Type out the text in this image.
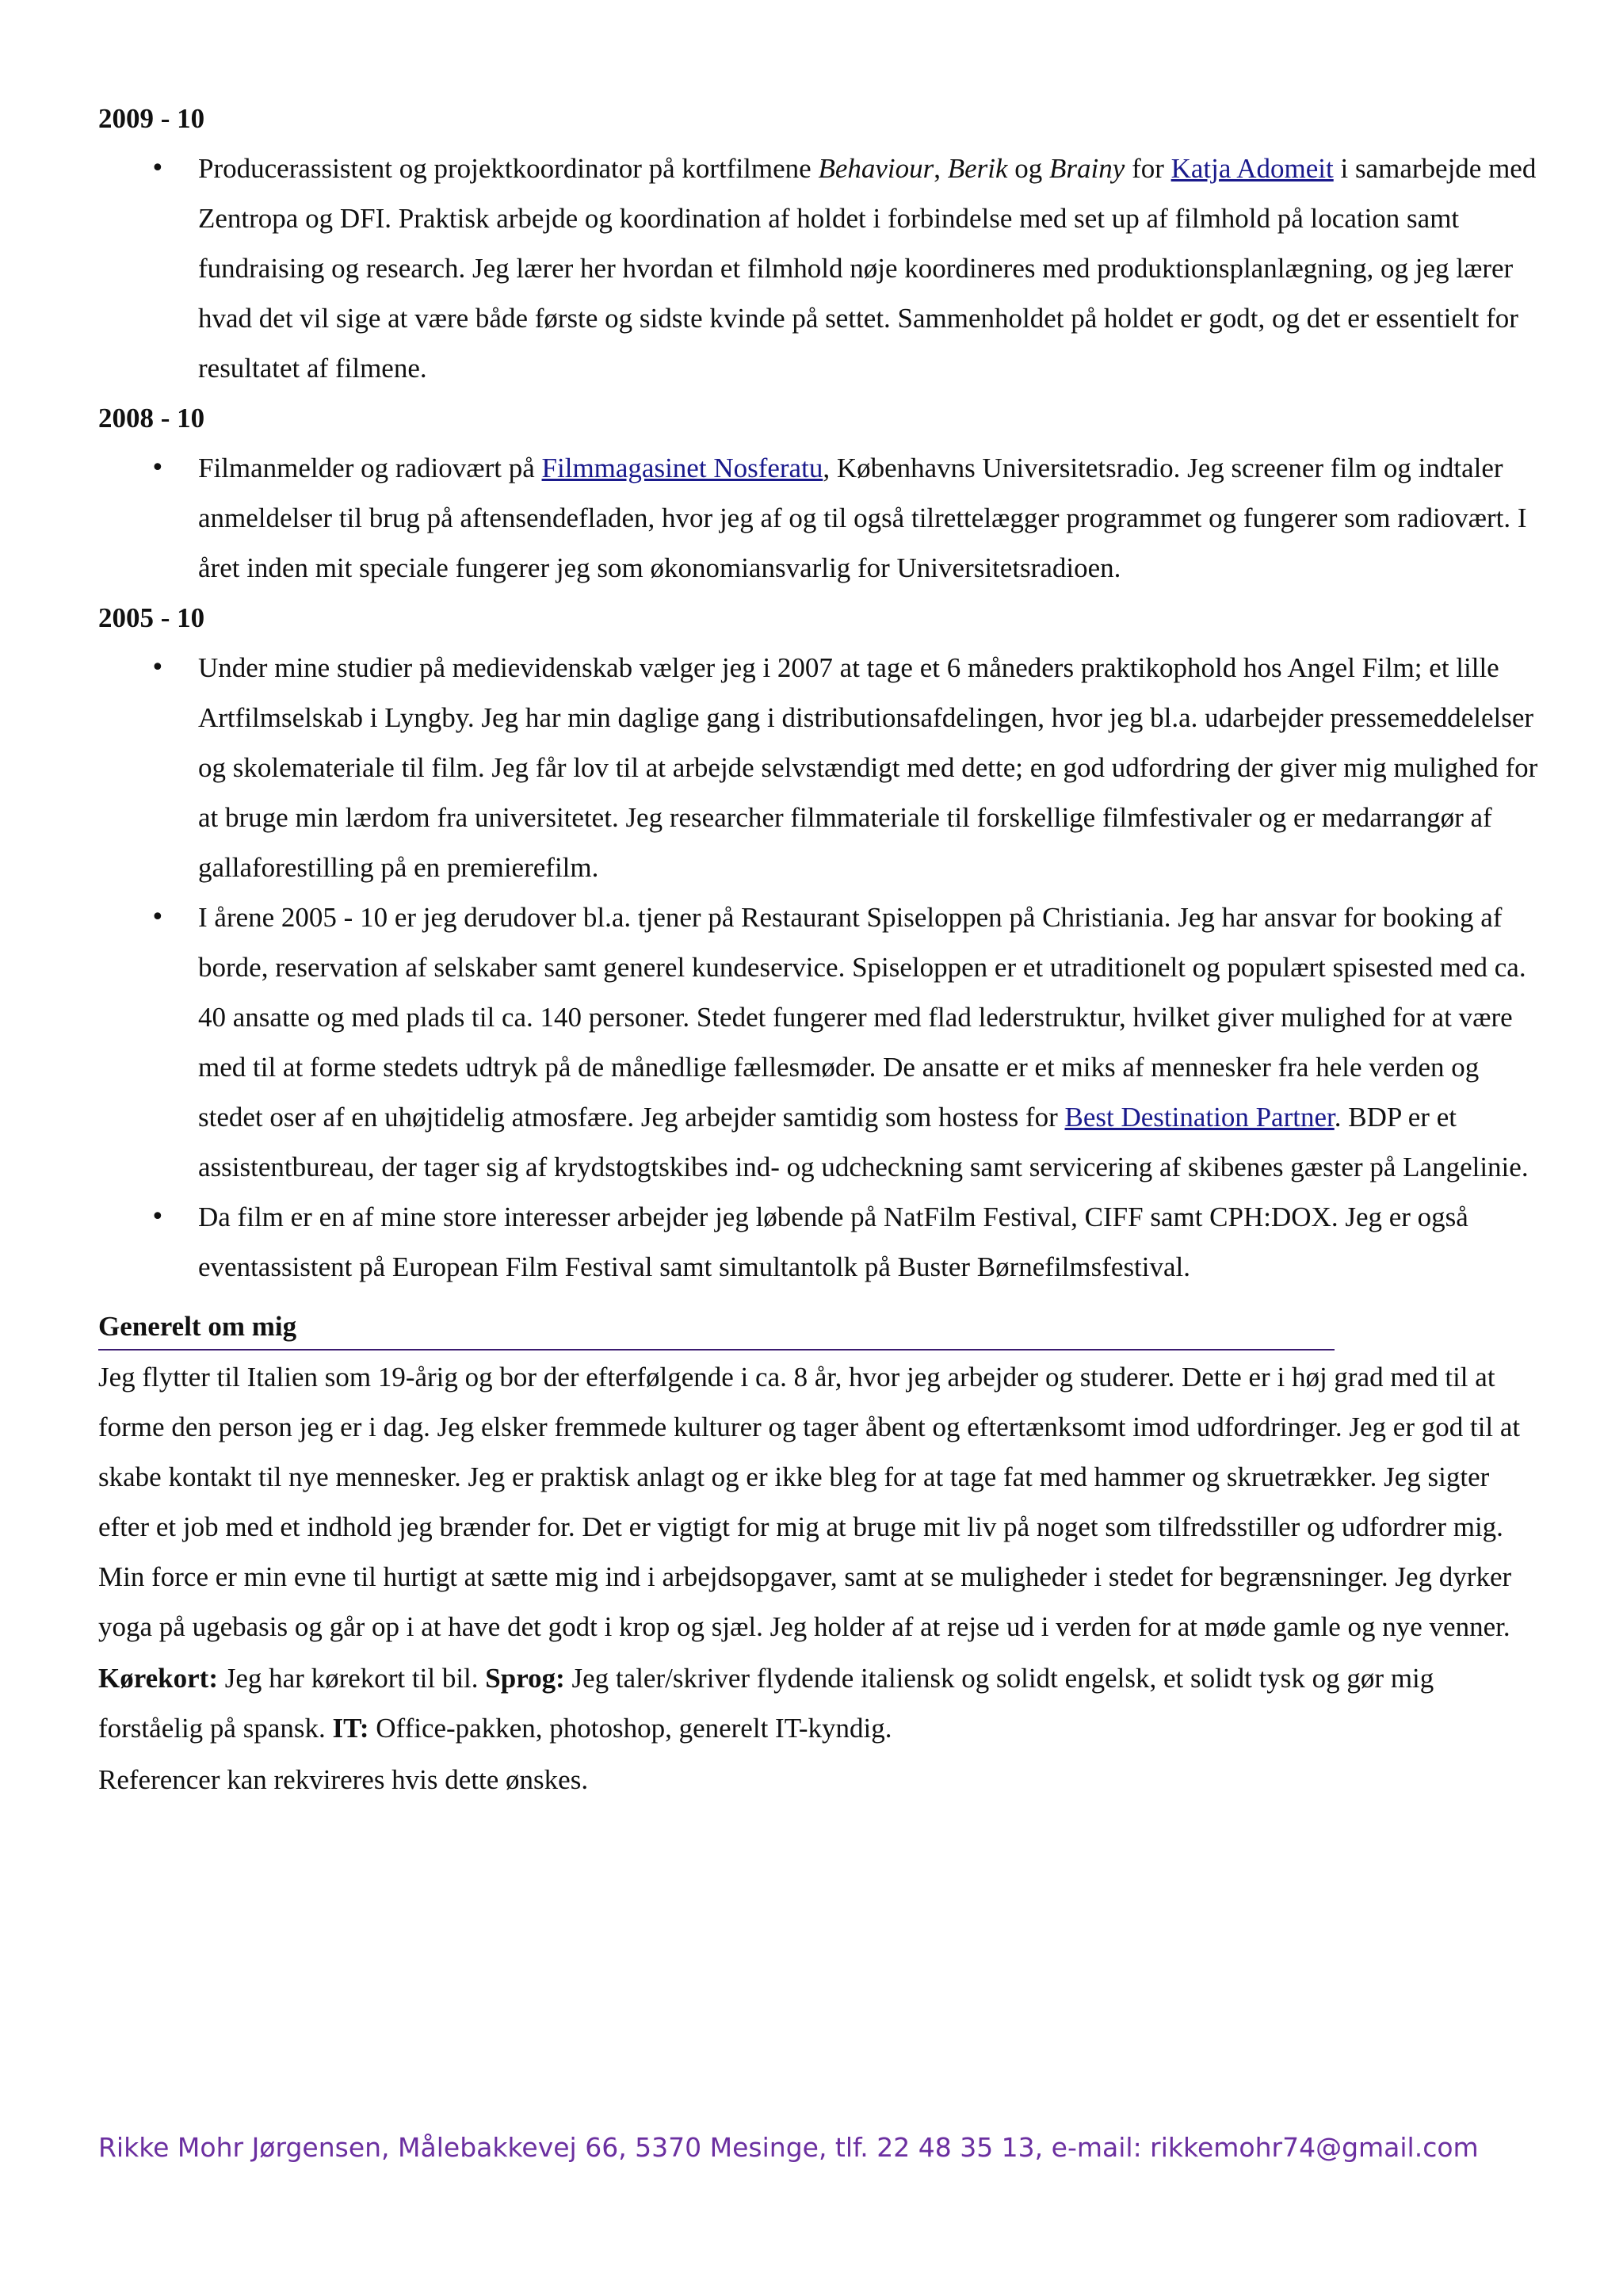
2009 - 10
• Producerassistent og projektkoordinator på kortfilmene Behaviour, Berik og Brainy for Katja Adomeit i samarbejde med Zentropa og DFI. Praktisk arbejde og koordination af holdet i forbindelse med set up af filmhold på location samt fundraising og research. Jeg lærer her hvordan et filmhold nøje koordineres med produktionsplanlægning, og jeg lærer hvad det vil sige at være både første og sidste kvinde på settet. Sammenholdet på holdet er godt, og det er essentielt for resultatet af filmene.
2008 - 10
• Filmanmelder og radiovært på Filmmagasinet Nosferatu, Københavns Universitetsradio. Jeg screener film og indtaler anmeldelser til brug på aftensendefladen, hvor jeg af og til også tilrettelægger programmet og fungerer som radiovært. I året inden mit speciale fungerer jeg som økonomiansvarlig for Universitetsradioen.
2005 - 10
• Under mine studier på medievidenskab vælger jeg i 2007 at tage et 6 måneders praktikophold hos Angel Film; et lille Artfilmselskab i Lyngby. Jeg har min daglige gang i distributionsafdelingen, hvor jeg bl.a. udarbejder pressemeddelelser og skolemateriale til film. Jeg får lov til at arbejde selvstændigt med dette; en god udfordring der giver mig mulighed for at bruge min lærdom fra universitetet. Jeg researcher filmmateriale til forskellige filmfestivaler og er medarrangør af gallaforestilling på en premierefilm.
• I årene 2005 - 10 er jeg derudover bl.a. tjener på Restaurant Spiseloppen på Christiania. Jeg har ansvar for booking af borde, reservation af selskaber samt generel kundeservice. Spiseloppen er et utraditionelt og populært spisested med ca. 40 ansatte og med plads til ca. 140 personer. Stedet fungerer med flad lederstruktur, hvilket giver mulighed for at være med til at forme stedets udtryk på de månedlige fællesmøder. De ansatte er et miks af mennesker fra hele verden og stedet oser af en uhøjtidelig atmosfære. Jeg arbejder samtidig som hostess for Best Destination Partner. BDP er et assistentbureau, der tager sig af krydstogtskibes ind- og udcheckning samt servicering af skibenes gæster på Langelinie.
• Da film er en af mine store interesser arbejder jeg løbende på NatFilm Festival, CIFF samt CPH:DOX. Jeg er også eventassistent på European Film Festival samt simultantolk på Buster Børnefilmsfestival.
Generelt om mig
Jeg flytter til Italien som 19-årig og bor der efterfølgende i ca. 8 år, hvor jeg arbejder og studerer. Dette er i høj grad med til at forme den person jeg er i dag. Jeg elsker fremmede kulturer og tager åbent og eftertænksomt imod udfordringer. Jeg er god til at skabe kontakt til nye mennesker. Jeg er praktisk anlagt og er ikke bleg for at tage fat med hammer og skruetrækker. Jeg sigter efter et job med et indhold jeg brænder for. Det er vigtigt for mig at bruge mit liv på noget som tilfredsstiller og udfordrer mig. Min force er min evne til hurtigt at sætte mig ind i arbejdsopgaver, samt at se muligheder i stedet for begrænsninger. Jeg dyrker yoga på ugebasis og går op i at have det godt i krop og sjæl. Jeg holder af at rejse ud i verden for at møde gamle og nye venner.
Kørekort: Jeg har kørekort til bil. Sprog: Jeg taler/skriver flydende italiensk og solidt engelsk, et solidt tysk og gør mig forståelig på spansk. IT: Office-pakken, photoshop, generelt IT-kyndig.
Referencer kan rekvireres hvis dette ønskes.
Rikke Mohr Jørgensen, Målebakkevej 66, 5370 Mesinge, tlf. 22 48 35 13, e-mail: rikkemohr74@gmail.com
